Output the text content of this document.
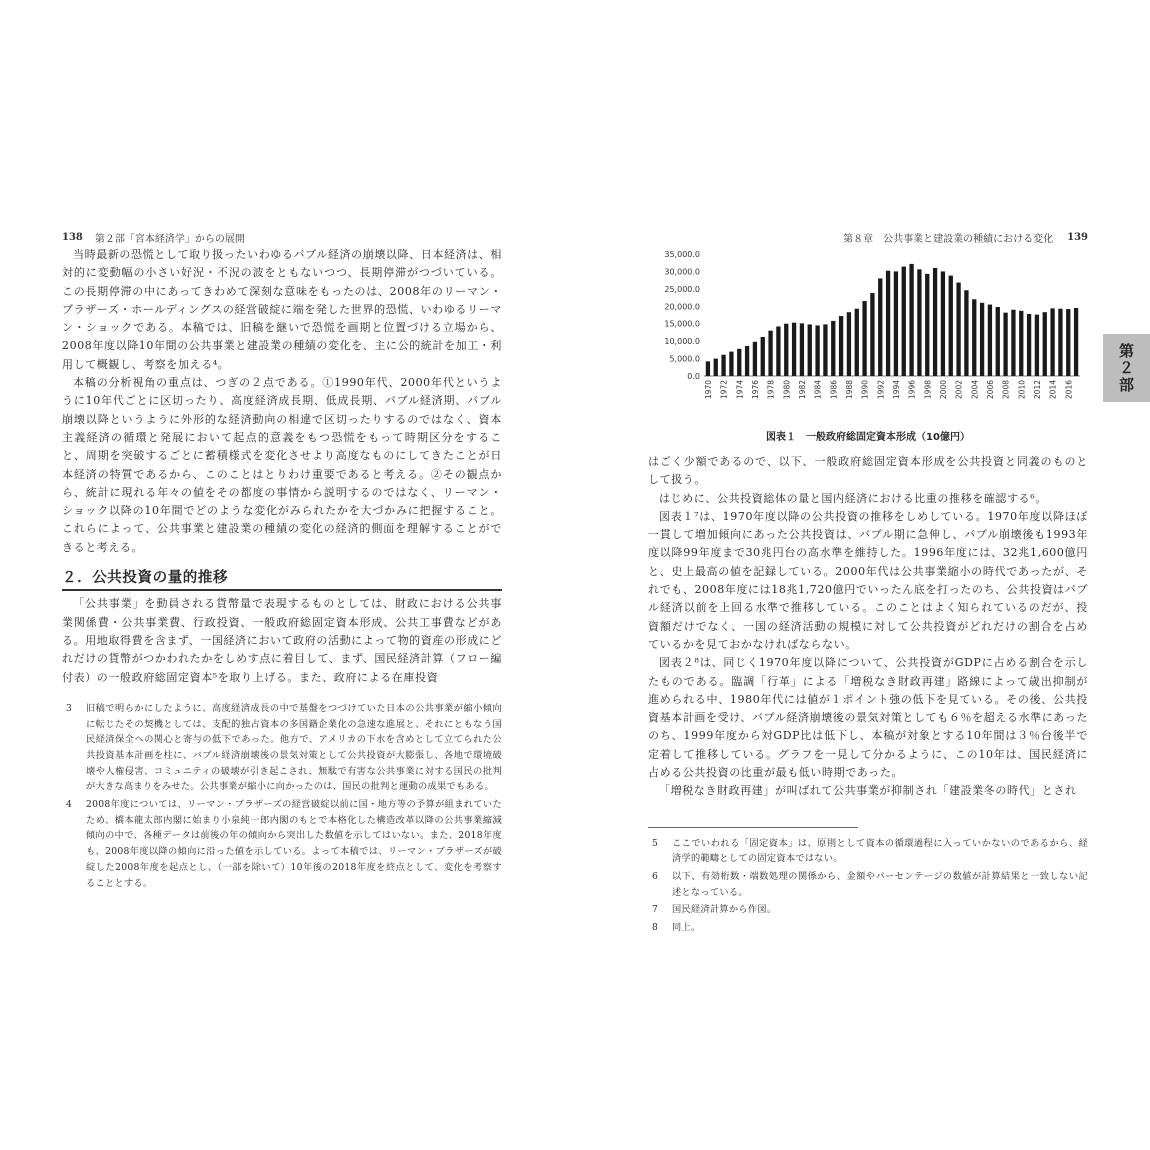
138 第２部「宮本経済学」からの展開

当時最新の恐慌として取り扱ったいわゆるバブル経済の崩壊以降、日本経済は、相対的に変動幅の小さい好況・不況の波をともないつつ、長期停滞がつづいている。この長期停滞の中にあってきわめて深刻な意味をもったのは、2008年のリーマン・ブラザーズ・ホールディングスの経営破綻に端を発した世界的恐慌、いわゆるリーマン・ショックである。本稿では、旧稿を継いで恐慌を画期と位置づける立場から、2008年度以降10年間の公共事業と建設業の種績の変化を、主に公的統計を加工・利用して概観し、考察を加える⁴。

本稿の分析視角の重点は、つぎの２点である。①1990年代、2000年代というように10年代ごとに区切ったり、高度経済成長期、低成長期、バブル経済期、バブル崩壊以降というように外形的な経済動向の相違で区切ったりするのではなく、資本主義経済の循環と発展において起点的意義をもつ恐慌をもって時期区分をすること、周期を突破するごとに蓄積様式を変化させより高度なものにしてきたことが日本経済の特質であるから、このことはとりわけ重要であると考える。②その観点から、統計に現れる年々の値をその都度の事情から説明するのではなく、リーマン・ショック以降の10年間でどのような変化がみられたかを大づかみに把握すること。これらによって、公共事業と建設業の種績の変化の経済的側面を理解することができると考える。

２．公共投資の量的推移

「公共事業」を動員される貨幣量で表現するものとしては、財政における公共事業関係費・公共事業費、行政投資、一般政府総固定資本形成、公共工事費などがある。用地取得費を含まず、一国経済において政府の活動によって物的資産の形成にどれだけの貨幣がつかわれたかをしめす点に着目して、まず、国民経済計算（フロー編付表）の一般政府総固定資本⁵を取り上げる。また、政府による在庫投資

3	旧稿で明らかにしたように、高度経済成長の中で基盤をつづけていた日本の公共事業が縮小傾向に転じたその契機としては、支配的独占資本の多国籍企業化の急速な進展と、それにともなう国民経済保全への関心と寄与の低下であった。他方で、アメリカの下水を含めとして立てられた公共投資基本計画を柱に、バブル経済崩壊後の景気対策として公共投資が大膨張し、各地で環境破壊や人権侵害、コミュニティの破壊が引き起こされ、無駄で有害な公共事業に対する国民の批判が大きな高まりをみせた。公共事業が縮小に向かったのは、国民の批判と運動の成果でもある。
4	2008年度については、リーマン・ブラザーズの経営破綻以前に国・地方等の予算が組まれていたため、橋本龍太郎内閣に始まり小泉純一郎内閣のもとで本格化した構造改革以降の公共事業縮減傾向の中で、各種データは前後の年の傾向から突出した数値を示してはいない。また、2018年度も、2008年度以降の傾向に沿った値を示している。よって本稿では、リーマン・ブラザーズが破綻した2008年度を起点とし、（一部を除いて）10年後の2018年度を終点として、変化を考察することとする。
第８章　公共事業と建設業の種績における変化 139
0.0
5,000.0
10,000.0
15,000.0
20,000.0
25,000.0
30,000.0
35,000.0
1970 1972 1974 1976 1978 1980 1982 1984 1986 1988 1990 1992 1994 1996 1998 2000 2002 2004 2006 2008 2010 2012 2014 2016
図表１　一般政府総固定資本形成（10億円）

はごく少額であるので、以下、一般政府総固定資本形成を公共投資と同義のものとして扱う。

はじめに、公共投資総体の量と国内経済における比重の推移を確認する⁶。

図表１⁷は、1970年度以降の公共投資の推移をしめしている。1970年度以降ほぼ一貫して増加傾向にあった公共投資は、バブル期に急伸し、バブル崩壊後も1993年度以降99年度まで30兆円台の高水準を維持した。1996年度には、32兆1,600億円と、史上最高の値を記録している。2000年代は公共事業縮小の時代であったが、それでも、2008年度には18兆1,720億円でいったん底を打ったのち、公共投資はバブル経済以前を上回る水準で推移している。このことはよく知られているのだが、投資額だけでなく、一国の経済活動の規模に対して公共投資がどれだけの割合を占めているかを見ておかなければならない。

図表２⁸は、同じく1970年度以降について、公共投資がGDPに占める割合を示したものである。臨調「行革」による「増税なき財政再建」路線によって歳出抑制が進められる中、1980年代には値が１ポイント強の低下を見ている。その後、公共投資基本計画を受け、バブル経済崩壊後の景気対策としても６％を超える水準にあったのち、1999年度から対GDP比は低下し、本稿が対象とする10年間は３％台後半で定着して推移している。グラフを一見して分かるように、この10年は、国民経済に占める公共投資の比重が最も低い時期であった。

「増税なき財政再建」が叫ばれて公共事業が抑制され「建設業冬の時代」とされ

5	ここでいわれる「固定資本」は、原則として資本の循環過程に入っていかないのであるから、経済学的範疇としての固定資本ではない。
6	以下、有効桁数・端数処理の関係から、金額やパーセンテージの数値が計算結果と一致しない記述となっている。
7	国民経済計算から作図。
8	同上。
第２部
